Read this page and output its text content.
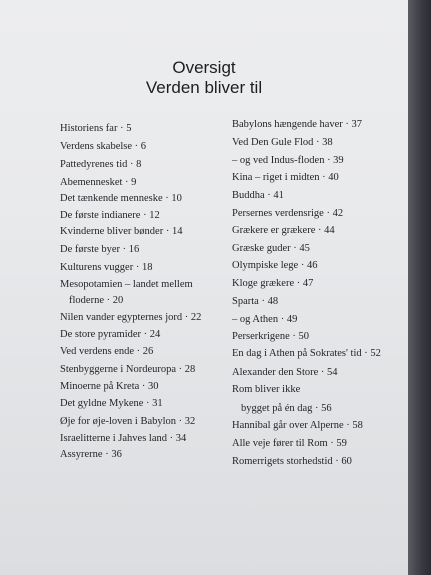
Oversigt
Verden bliver til
Historiens far · 5
Verdens skabelse · 6
Pattedyrenes tid · 8
Abemennesket · 9
Det tænkende menneske · 10
De første indianere · 12
Kvinderne bliver bønder · 14
De første byer · 16
Kulturens vugger · 18
Mesopotamien – landet mellem
floderne · 20
Nilen vander egypternes jord · 22
De store pyramider · 24
Ved verdens ende · 26
Stenbyggerne i Nordeuropa · 28
Minoerne på Kreta · 30
Det gyldne Mykene · 31
Øje for øje-loven i Babylon · 32
Israelitterne i Jahves land · 34
Assyrerne · 36
Babylons hængende haver · 37
Ved Den Gule Flod · 38
– og ved Indus-floden · 39
Kina – riget i midten · 40
Buddha · 41
Persernes verdensrige · 42
Grækere er grækere · 44
Græske guder · 45
Olympiske lege · 46
Kloge grækere · 47
Sparta · 48
– og Athen · 49
Perserkrigene · 50
En dag i Athen på Sokrates' tid · 52
Alexander den Store · 54
Rom bliver ikke
bygget på én dag · 56
Hannibal går over Alperne · 58
Alle veje fører til Rom · 59
Romerrigets storhedstid · 60
